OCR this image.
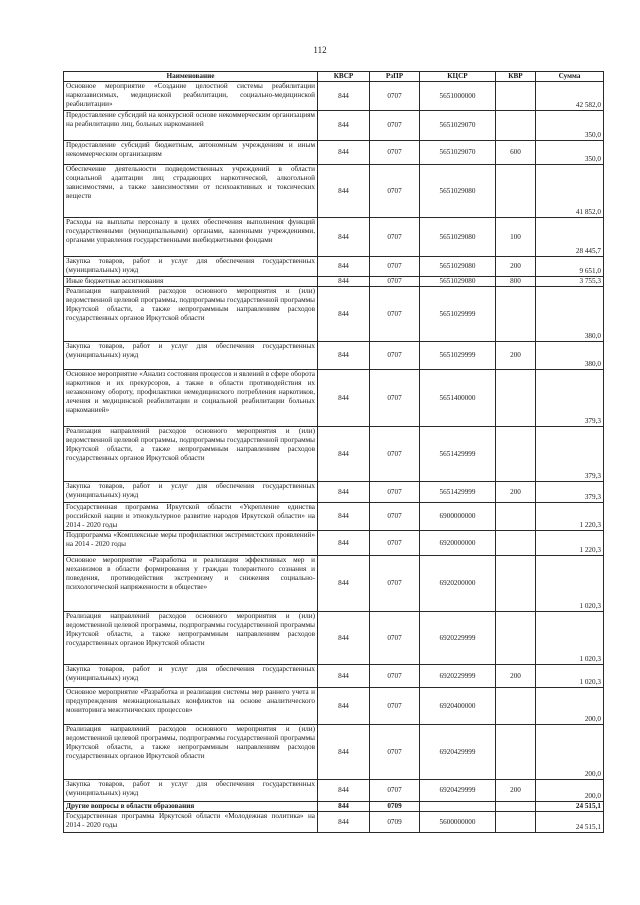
112
Наименование	КВСР	РзПР	КЦСР	КВР	Сумма
Основное мероприятие «Создание целостной системы реабилитации наркозависимых, медицинской реабилитации, социально-медицинской реабилитации»	844	0707	5651000000		42 582,0
Предоставление субсидий на конкурсной основе некоммерческим организациям на реабилитацию лиц, больных наркоманией	844	0707	5651029070		350,0
Предоставление субсидий бюджетным, автономным учреждениям и иным некоммерческим организациям	844	0707	5651029070	600	350,0
Обеспечение деятельности подведомственных учреждений в области социальной адаптации лиц страдающих наркотической, алкогольной зависимостями, а также зависимостями от психоактивных и токсических веществ	844	0707	5651029080		41 852,0
Расходы на выплаты персоналу в целях обеспечения выполнения функций государственными (муниципальными) органами, казенными учреждениями, органами управления государственными внебюджетными фондами	844	0707	5651029080	100	28 445,7
Закупка товаров, работ и услуг для обеспечения государственных (муниципальных) нужд	844	0707	5651029080	200	9 651,0
Иные бюджетные ассигнования	844	0707	5651029080	800	3 755,3
Реализация направлений расходов основного мероприятия и (или) ведомственной целевой программы, подпрограммы государственной программы Иркутской области, а также непрограммным направлениям расходов государственных органов Иркутской области	844	0707	5651029999		380,0
Закупка товаров, работ и услуг для обеспечения государственных (муниципальных) нужд	844	0707	5651029999	200	380,0
Основное мероприятие «Анализ состояния процессов и явлений в сфере оборота наркотиков и их прекурсоров, а также в области противодействия их незаконному обороту, профилактики немедицинского потребления наркотиков, лечения и медицинской реабилитации и социальной реабилитации больных наркоманией»	844	0707	5651400000		379,3
Реализация направлений расходов основного мероприятия и (или) ведомственной целевой программы, подпрограммы государственной программы Иркутской области, а также непрограммным направлениям расходов государственных органов Иркутской области	844	0707	5651429999		379,3
Закупка товаров, работ и услуг для обеспечения государственных (муниципальных) нужд	844	0707	5651429999	200	379,3
Государственная программа Иркутской области «Укрепление единства российской нации и этнокультурное развитие народов Иркутской области» на 2014 - 2020 годы	844	0707	6900000000		1 220,3
Подпрограмма «Комплексные меры профилактики экстремистских проявлений» на 2014 - 2020 годы	844	0707	6920000000		1 220,3
Основное мероприятие «Разработка и реализация эффективных мер и механизмов в области формирования у граждан толерантного сознания и поведения, противодействия экстремизму и снижения социально-психологической напряженности в обществе»	844	0707	6920200000		1 020,3
Реализация направлений расходов основного мероприятия и (или) ведомственной целевой программы, подпрограммы государственной программы Иркутской области, а также непрограммным направлениям расходов государственных органов Иркутской области	844	0707	6920229999		1 020,3
Закупка товаров, работ и услуг для обеспечения государственных (муниципальных) нужд	844	0707	6920229999	200	1 020,3
Основное мероприятие «Разработка и реализация системы мер раннего учета и предупреждения межнациональных конфликтов на основе аналитического мониторинга межэтнических процессов»	844	0707	6920400000		200,0
Реализация направлений расходов основного мероприятия и (или) ведомственной целевой программы, подпрограммы государственной программы Иркутской области, а также непрограммным направлениям расходов государственных органов Иркутской области	844	0707	6920429999		200,0
Закупка товаров, работ и услуг для обеспечения государственных (муниципальных) нужд	844	0707	6920429999	200	200,0
Другие вопросы в области образования	844	0709			24 515,1
Государственная программа Иркутской области «Молодежная политика» на 2014 - 2020 годы	844	0709	5600000000		24 515,1
